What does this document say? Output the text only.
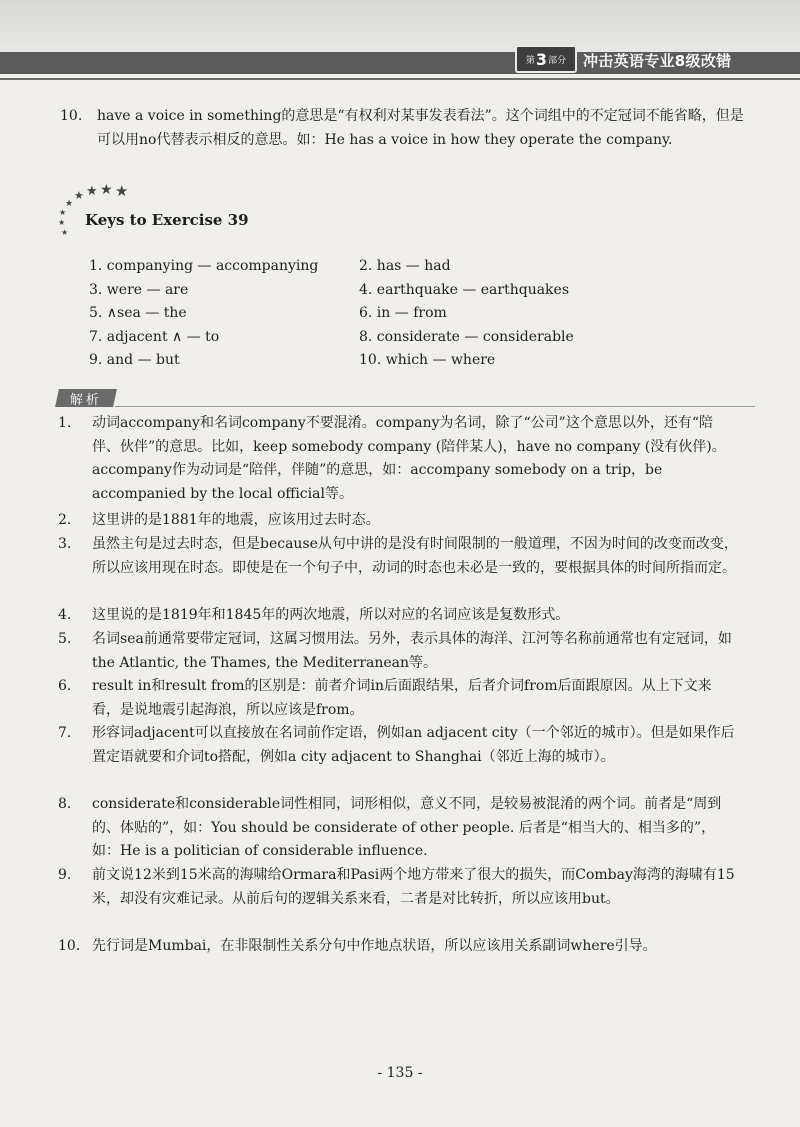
第 3 部分 冲击英语专业8级改错
10. have a voice in something的意思是“有权利对某事发表看法”。这个词组中的不定冠词不能省略，但是可以用no代替表示相反的意思。如：He has a voice in how they operate the company.
★
★
★
★
★ ★ ★ ★
Keys to Exercise 39
1. companying — accompanying	2. has — had
3. were — are	4. earthquake — earthquakes
5. ∧sea — the	6. in — from
7. adjacent ∧ — to	8. considerate — considerable
9. and — but	10. which — where
解析
1. 动词accompany和名词company不要混淆。company为名词，除了“公司”这个意思以外，还有“陪伴、伙伴”的意思。比如，keep somebody company (陪伴某人)，have no company (没有伙伴)。accompany作为动词是“陪伴，伴随”的意思，如：accompany somebody on a trip，be accompanied by the local official等。
2. 这里讲的是1881年的地震，应该用过去时态。
3. 虽然主句是过去时态，但是because从句中讲的是没有时间限制的一般道理，不因为时间的改变而改变，所以应该用现在时态。即使是在一个句子中，动词的时态也未必是一致的，要根据具体的时间所指而定。
4. 这里说的是1819年和1845年的两次地震，所以对应的名词应该是复数形式。
5. 名词sea前通常要带定冠词，这属习惯用法。另外，表示具体的海洋、江河等名称前通常也有定冠词，如the Atlantic, the Thames, the Mediterranean等。
6. result in和result from的区别是：前者介词in后面跟结果，后者介词from后面跟原因。从上下文来看，是说地震引起海浪，所以应该是from。
7. 形容词adjacent可以直接放在名词前作定语，例如an adjacent city（一个邻近的城市）。但是如果作后置定语就要和介词to搭配，例如a city adjacent to Shanghai（邻近上海的城市）。
8. considerate和considerable词性相同，词形相似，意义不同，是较易被混淆的两个词。前者是“周到的、体贴的”，如：You should be considerate of other people. 后者是“相当大的、相当多的”，如：He is a politician of considerable influence.
9. 前文说12米到15米高的海啸给Ormara和Pasi两个地方带来了很大的损失，而Combay海湾的海啸有15米，却没有灾难记录。从前后句的逻辑关系来看，二者是对比转折，所以应该用but。
10. 先行词是Mumbai，在非限制性关系分句中作地点状语，所以应该用关系副词where引导。
- 135 -
